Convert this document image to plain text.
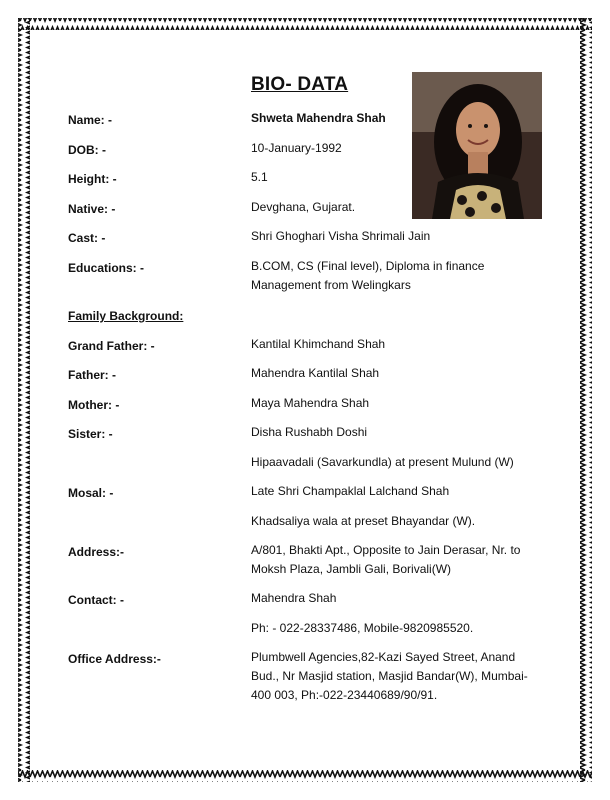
BIO- DATA
Name: -	Shweta Mahendra Shah
DOB: -	10-January-1992
Height: -	5.1
Native: -	Devghana, Gujarat.
Cast: -	Shri Ghoghari Visha Shrimali Jain
Educations: -	B.COM, CS (Final level), Diploma in finance
Management from Welingkars
Family Background:
Grand Father: -	Kantilal Khimchand Shah
Father: -	Mahendra Kantilal Shah
Mother: -	Maya Mahendra Shah
Sister: -	Disha Rushabh Doshi
Hipaavadali (Savarkundla) at present Mulund (W)
Mosal: -	Late Shri Champaklal Lalchand Shah
Khadsaliya wala at preset Bhayandar (W).
Address:-	A/801, Bhakti Apt., Opposite to Jain Derasar, Nr. to
Moksh Plaza, Jambli Gali, Borivali(W)
Contact: -	Mahendra Shah
Ph: - 022-28337486, Mobile-9820985520.
Office Address:-	Plumbwell Agencies,82-Kazi Sayed Street, Anand
Bud., Nr Masjid station, Masjid Bandar(W), Mumbai-
400 003, Ph:-022-23440689/90/91.
